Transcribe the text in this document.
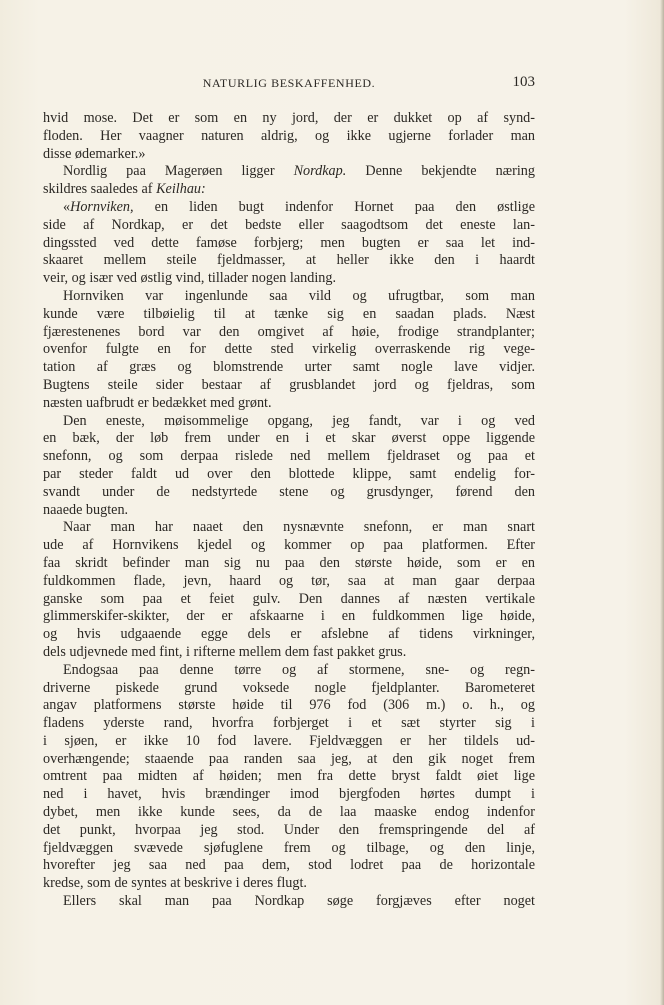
NATURLIG BESKAFFENHED.	103
hvid mose. Det er som en ny jord, der er dukket op af synd-
floden. Her vaagner naturen aldrig, og ikke ugjerne forlader man
disse ødemarker.»
Nordlig paa Magerøen ligger Nordkap. Denne bekjendte næring
skildres saaledes af Keilhau:
«Hornviken, en liden bugt indenfor Hornet paa den østlige
side af Nordkap, er det bedste eller saagodtsom det eneste lan-
dingssted ved dette famøse forbjerg; men bugten er saa let ind-
skaaret mellem steile fjeldmasser, at heller ikke den i haardt
veir, og især ved østlig vind, tillader nogen landing.
Hornviken var ingenlunde saa vild og ufrugtbar, som man
kunde være tilbøielig til at tænke sig en saadan plads. Næst
fjærestenenes bord var den omgivet af høie, frodige strandplanter;
ovenfor fulgte en for dette sted virkelig overraskende rig vege-
tation af græs og blomstrende urter samt nogle lave vidjer.
Bugtens steile sider bestaar af grusblandet jord og fjeldras, som
næsten uafbrudt er bedækket med grønt.
Den eneste, møisommelige opgang, jeg fandt, var i og ved
en bæk, der løb frem under en i et skar øverst oppe liggende
snefonn, og som derpaa rislede ned mellem fjeldraset og paa et
par steder faldt ud over den blottede klippe, samt endelig for-
svandt under de nedstyrtede stene og grusdynger, førend den
naaede bugten.
Naar man har naaet den nysnævnte snefonn, er man snart
ude af Hornvikens kjedel og kommer op paa platformen. Efter
faa skridt befinder man sig nu paa den største høide, som er en
fuldkommen flade, jevn, haard og tør, saa at man gaar derpaa
ganske som paa et feiet gulv. Den dannes af næsten vertikale
glimmerskifer-skikter, der er afskaarne i en fuldkommen lige høide,
og hvis udgaaende egge dels er afslebne af tidens virkninger,
dels udjevnede med fint, i rifterne mellem dem fast pakket grus.
Endogsaa paa denne tørre og af stormene, sne- og regn-
driverne piskede grund voksede nogle fjeldplanter. Barometeret
angav platformens største høide til 976 fod (306 m.) o. h., og
fladens yderste rand, hvorfra forbjerget i et sæt styrter sig i
i sjøen, er ikke 10 fod lavere. Fjeldvæggen er her tildels ud-
overhængende; staaende paa randen saa jeg, at den gik noget frem
omtrent paa midten af høiden; men fra dette bryst faldt øiet lige
ned i havet, hvis brændinger imod bjergfoden hørtes dumpt i
dybet, men ikke kunde sees, da de laa maaske endog indenfor
det punkt, hvorpaa jeg stod. Under den fremspringende del af
fjeldvæggen svævede sjøfuglene frem og tilbage, og den linje,
hvorefter jeg saa ned paa dem, stod lodret paa de horizontale
kredse, som de syntes at beskrive i deres flugt.
Ellers skal man paa Nordkap søge forgjæves efter noget
